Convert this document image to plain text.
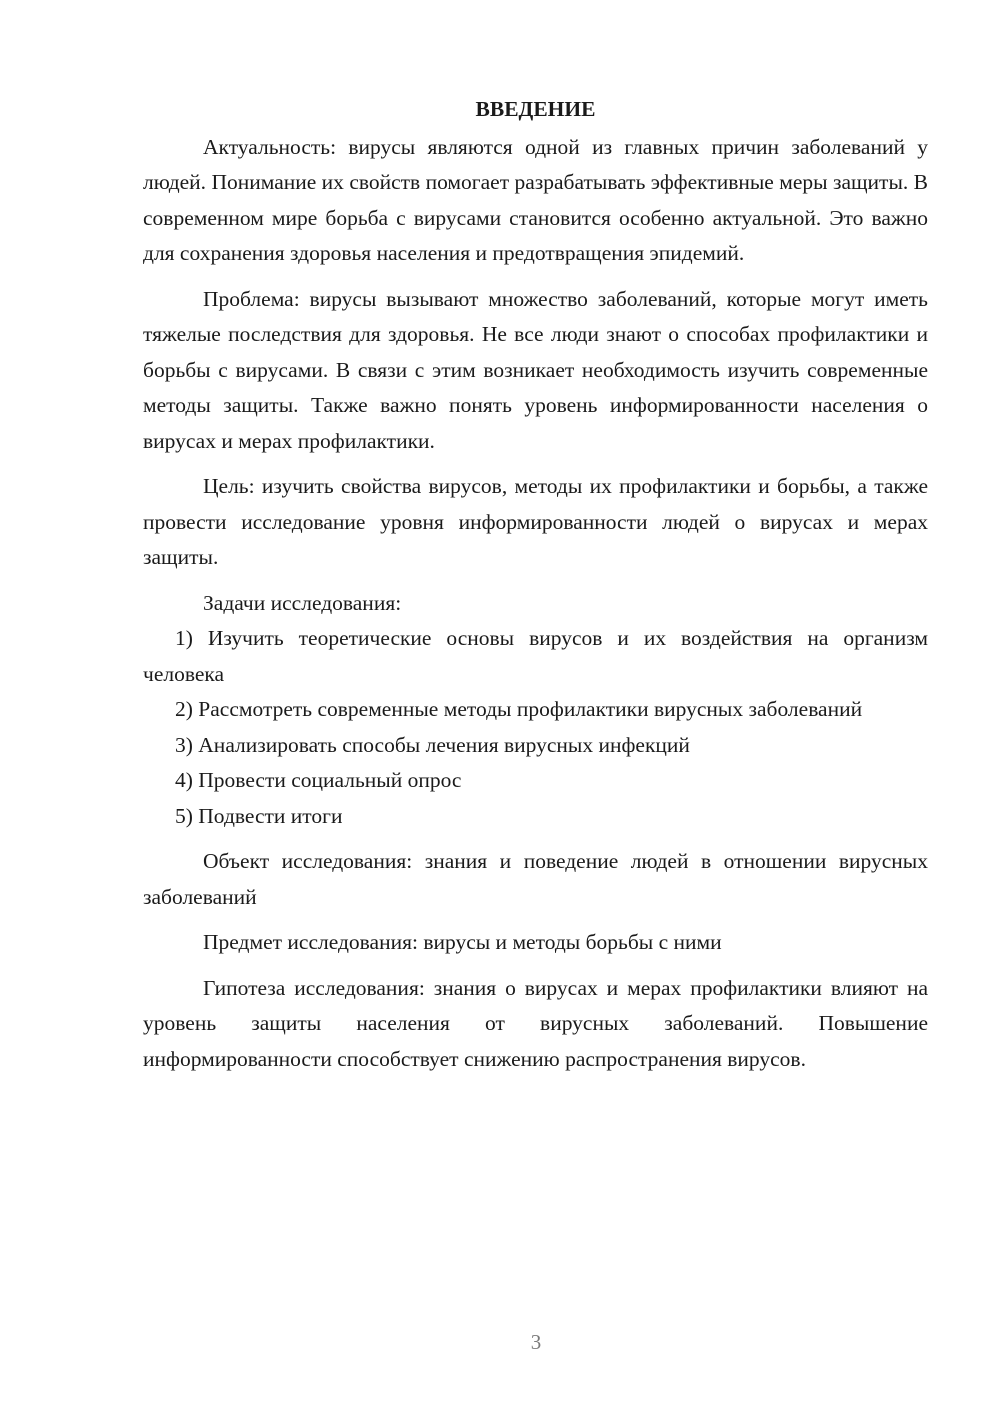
ВВЕДЕНИЕ

Актуальность: вирусы являются одной из главных причин заболеваний у людей. Понимание их свойств помогает разрабатывать эффективные меры защиты. В современном мире борьба с вирусами становится особенно актуальной. Это важно для сохранения здоровья населения и предотвращения эпидемий.

Проблема: вирусы вызывают множество заболеваний, которые могут иметь тяжелые последствия для здоровья. Не все люди знают о способах профилактики и борьбы с вирусами. В связи с этим возникает необходимость изучить современные методы защиты. Также важно понять уровень информированности населения о вирусах и мерах профилактики.

Цель: изучить свойства вирусов, методы их профилактики и борьбы, а также провести исследование уровня информированности людей о вирусах и мерах защиты.

Задачи исследования:

1) Изучить теоретические основы вирусов и их воздействия на организм человека

2) Рассмотреть современные методы профилактики вирусных заболеваний

3) Анализировать способы лечения вирусных инфекций

4) Провести социальный опрос

5) Подвести итоги

Объект исследования: знания и поведение людей в отношении вирусных заболеваний

Предмет исследования: вирусы и методы борьбы с ними

Гипотеза исследования: знания о вирусах и мерах профилактики влияют на уровень защиты населения от вирусных заболеваний. Повышение информированности способствует снижению распространения вирусов.

3
